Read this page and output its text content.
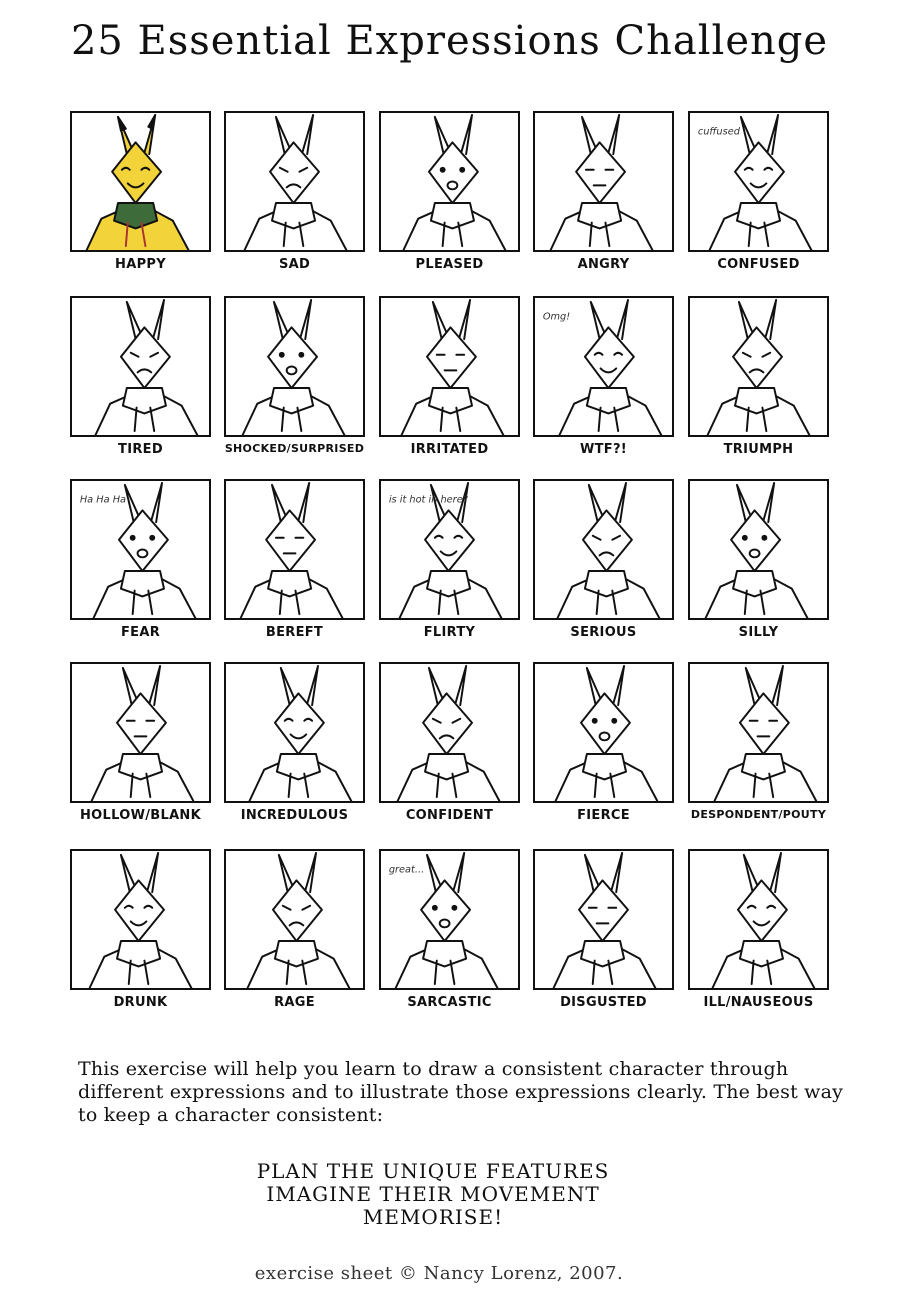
25 Essential Expressions Challenge
HAPPY	SAD	PLEASED	ANGRY
cuffused
CONFUSED
TIRED	SHOCKED/SURPRISED	IRRITATED
Omg!
WTF?!	TRIUMPH
Ha Ha Ha
FEAR	BEREFT
is it hot in here?
FLIRTY	SERIOUS	SILLY
HOLLOW/BLANK	INCREDULOUS	CONFIDENT	FIERCE	DESPONDENT/POUTY
DRUNK	RAGE
great...
SARCASTIC	DISGUSTED	ILL/NAUSEOUS
This exercise will help you learn to draw a consistent character through different expressions and to illustrate those expressions clearly. The best way to keep a character consistent:
PLAN THE UNIQUE FEATURES
IMAGINE THEIR MOVEMENT
MEMORISE!
exercise sheet © Nancy Lorenz, 2007.
